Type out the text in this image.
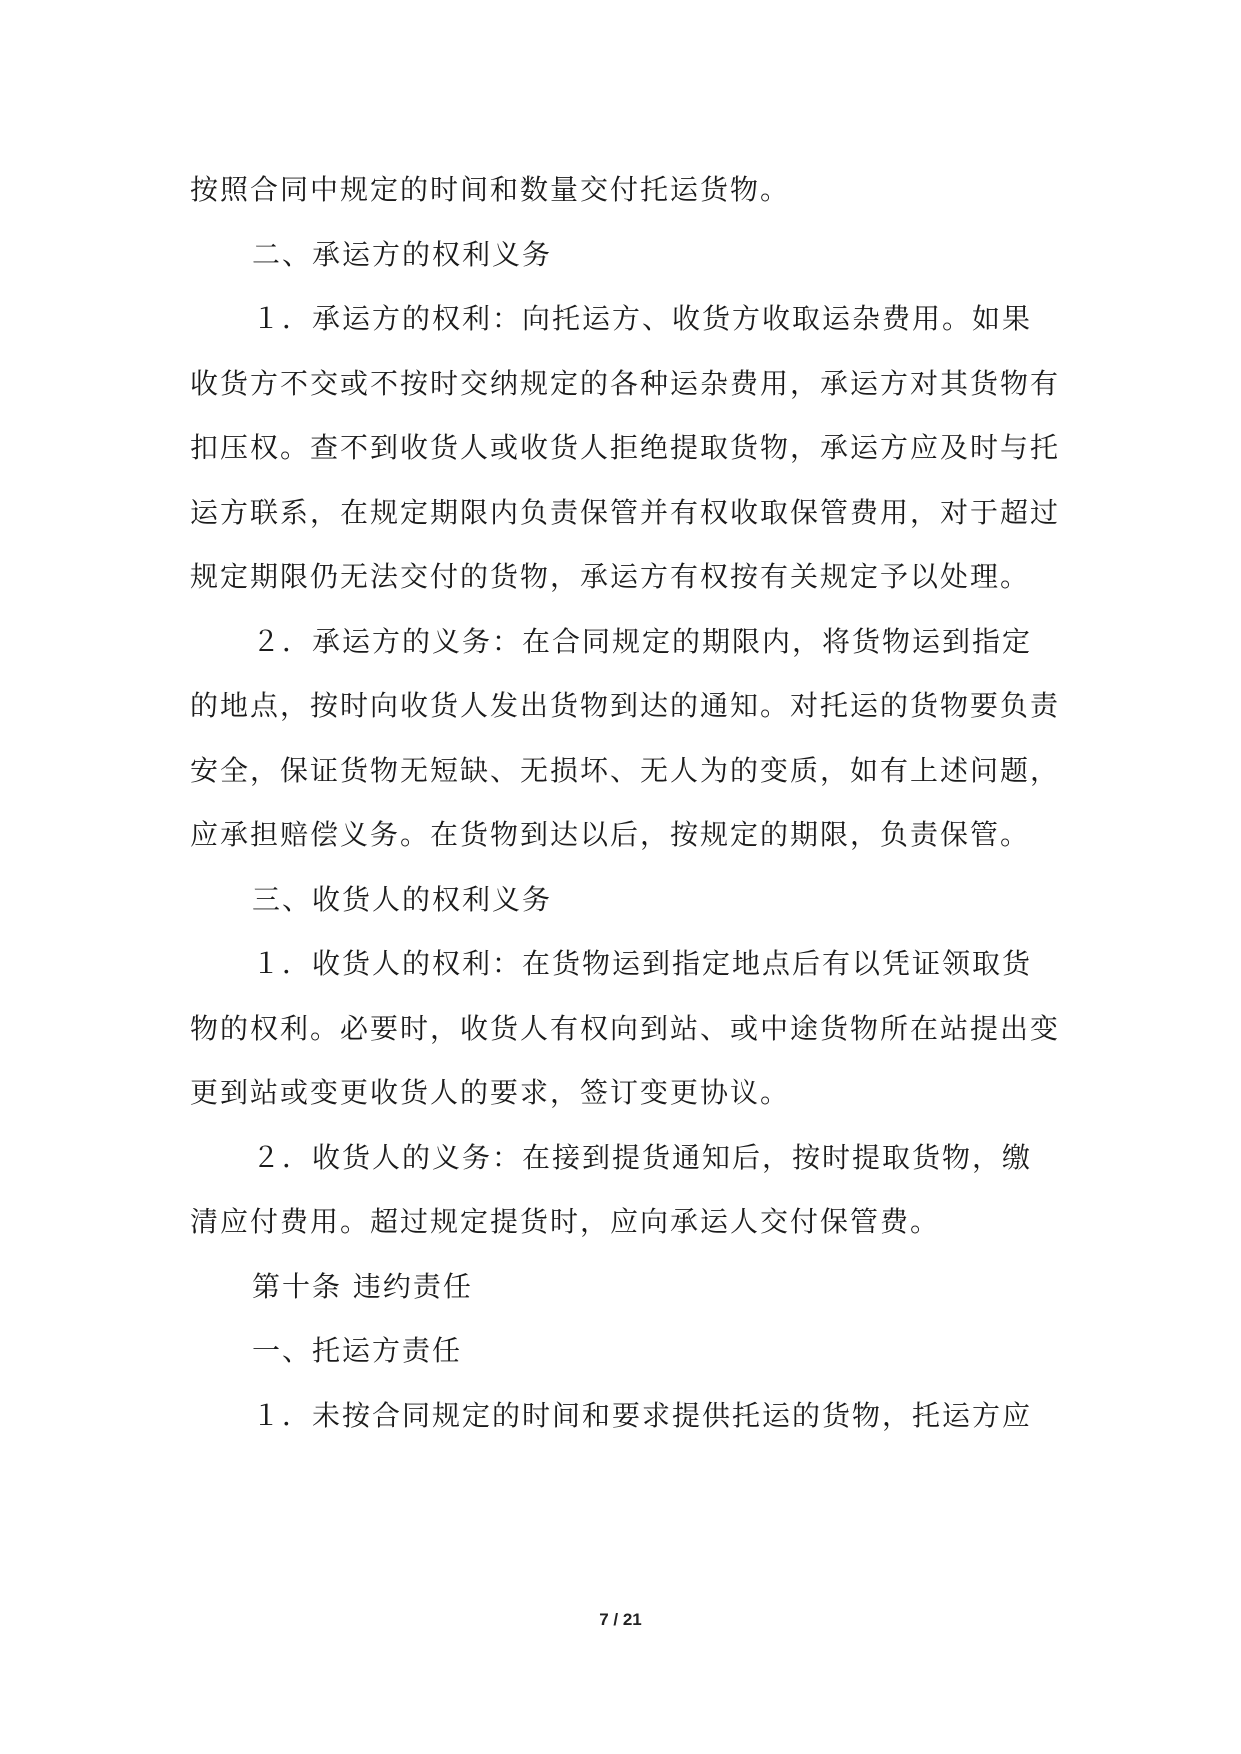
按照合同中规定的时间和数量交付托运货物。

二、承运方的权利义务

１．承运方的权利：向托运方、收货方收取运杂费用。如果收货方不交或不按时交纳规定的各种运杂费用，承运方对其货物有扣压权。查不到收货人或收货人拒绝提取货物，承运方应及时与托运方联系，在规定期限内负责保管并有权收取保管费用，对于超过规定期限仍无法交付的货物，承运方有权按有关规定予以处理。

２．承运方的义务：在合同规定的期限内，将货物运到指定的地点，按时向收货人发出货物到达的通知。对托运的货物要负责安全，保证货物无短缺、无损坏、无人为的变质，如有上述问题，应承担赔偿义务。在货物到达以后，按规定的期限，负责保管。

三、收货人的权利义务

１．收货人的权利：在货物运到指定地点后有以凭证领取货物的权利。必要时，收货人有权向到站、或中途货物所在站提出变更到站或变更收货人的要求，签订变更协议。

２．收货人的义务：在接到提货通知后，按时提取货物，缴清应付费用。超过规定提货时，应向承运人交付保管费。

第十条 违约责任

一、托运方责任

１．未按合同规定的时间和要求提供托运的货物，托运方应

7 / 21
